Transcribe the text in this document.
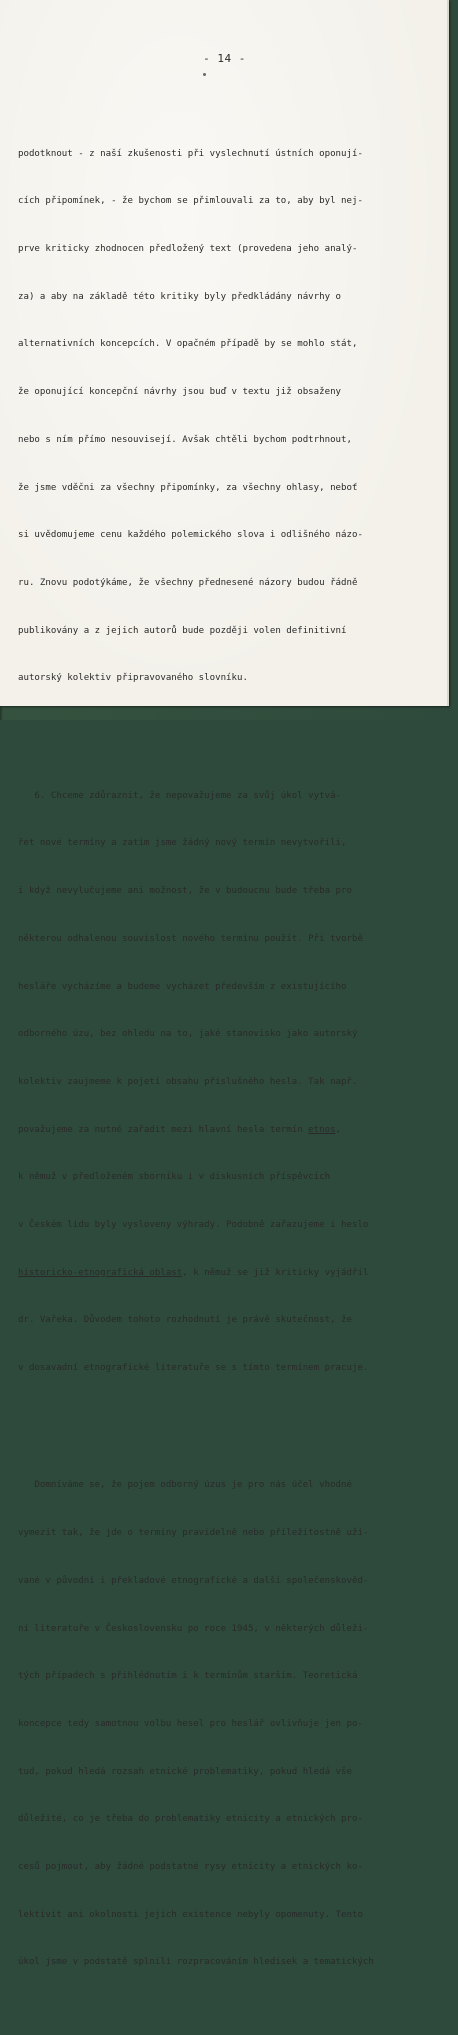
- 14 -

podotknout - z naší zkušenosti při vyslechnutí ústních oponují-

cích připomínek, - že bychom se přimlouvali za to, aby byl nej-

prve kriticky zhodnocen předložený text (provedena jeho analý-

za) a aby na základě této kritiky byly předkládány návrhy o

alternativních koncepcích. V opačném případě by se mohlo stát,

že oponující koncepční návrhy jsou buď v textu již obsaženy

nebo s ním přímo nesouvisejí. Avšak chtěli bychom podtrhnout,

že jsme vděčni za všechny připomínky, za všechny ohlasy, neboť

si uvědomujeme cenu každého polemického slova i odlišného názo-

ru. Znovu podotýkáme, že všechny přednesené názory budou řádně

publikovány a z jejich autorů bude později volen definitivní

autorský kolektiv připravovaného slovníku.

6. Chceme zdůraznit, že nepovažujeme za svůj úkol vytvá-

řet nové termíny a zatím jsme žádný nový termín nevytvořili,

i když nevylučujeme ani možnost, že v budoucnu bude třeba pro

některou odhalenou souvislost nového termínu použít. Při tvorbě

hesláře vycházíme a budeme vycházet především z existujícího

odborného úzu, bez ohledu na to, jaké stanovisko jako autorský

kolektiv zaujmeme k pojetí obsahu příslušného hesla. Tak např.

považujeme za nutné zařadit mezi hlavní hesla termín etnos,

k němuž v předloženém sborníku i v diskusních příspěvcích

v Českém lidu byly vysloveny výhrady. Podobně zařazujeme i heslo

historicko-etnografická oblast, k němuž se již kriticky vyjádřil

dr. Vařeka. Důvodem tohoto rozhodnutí je právě skutečnost, že

v dosavadní etnografické literatuře se s tímto termínem pracuje.

Domníváme se, že pojem odborný úzus je pro nás účel vhodné

vymezit tak, že jde o termíny pravidelně nebo příležitostně uží-

vané v původní i překladové etnografické a další společenskověd-

ní literatuře v Československu po roce 1945, v některých důleži-

tých případech s přihlédnutím i k termínům starším. Teoretická

koncepce tedy samotnou volbu hesel pro heslář ovlivňuje jen po-

tud, pokud hledá rozsah etnické problematiky, pokud hledá vše

důležité, co je třeba do problematiky etnicity a etnických pro-

cesů pojmout, aby žádné podstatné rysy etnicity a etnických ko-

lektivit ani okolnosti jejich existence nebyly opomenuty. Tento

úkol jsme v podstatě splnili rozpracováním hledisek a tematických
